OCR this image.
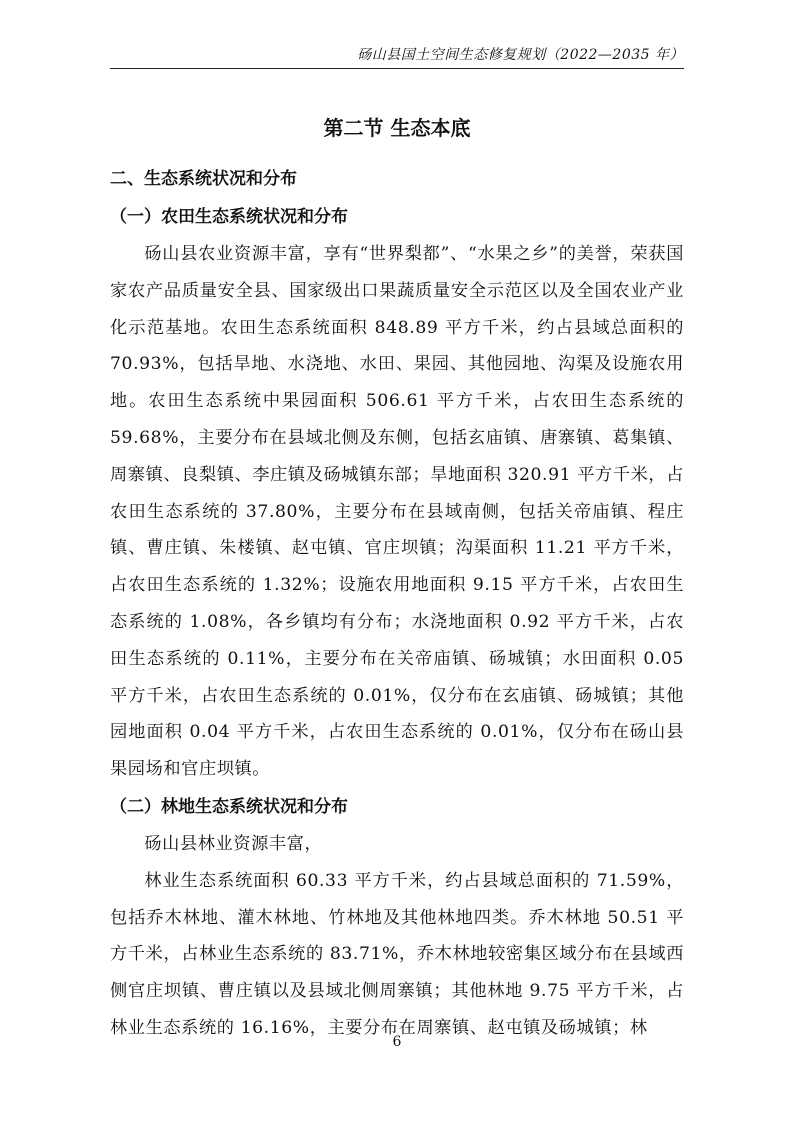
砀山县国土空间生态修复规划（2022—2035 年）
第二节 生态本底
二、生态系统状况和分布
（一）农田生态系统状况和分布
砀山县农业资源丰富，享有“世界梨都”、“水果之乡”的美誉，荣获国家农产品质量安全县、国家级出口果蔬质量安全示范区以及全国农业产业化示范基地。农田生态系统面积 848.89 平方千米，约占县域总面积的 70.93%，包括旱地、水浇地、水田、果园、其他园地、沟渠及设施农用地。农田生态系统中果园面积 506.61 平方千米，占农田生态系统的 59.68%，主要分布在县域北侧及东侧，包括玄庙镇、唐寨镇、葛集镇、周寨镇、良梨镇、李庄镇及砀城镇东部；旱地面积 320.91 平方千米，占农田生态系统的 37.80%，主要分布在县域南侧，包括关帝庙镇、程庄镇、曹庄镇、朱楼镇、赵屯镇、官庄坝镇；沟渠面积 11.21 平方千米，占农田生态系统的 1.32%；设施农用地面积 9.15 平方千米，占农田生态系统的 1.08%，各乡镇均有分布；水浇地面积 0.92 平方千米，占农田生态系统的 0.11%，主要分布在关帝庙镇、砀城镇；水田面积 0.05 平方千米，占农田生态系统的 0.01%，仅分布在玄庙镇、砀城镇；其他园地面积 0.04 平方千米，占农田生态系统的 0.01%，仅分布在砀山县果园场和官庄坝镇。
（二）林地生态系统状况和分布
砀山县林业资源丰富，
林业生态系统面积 60.33 平方千米，约占县域总面积的 71.59%，包括乔木林地、灌木林地、竹林地及其他林地四类。乔木林地 50.51 平方千米，占林业生态系统的 83.71%，乔木林地较密集区域分布在县域西侧官庄坝镇、曹庄镇以及县域北侧周寨镇；其他林地 9.75 平方千米，占林业生态系统的 16.16%，主要分布在周寨镇、赵屯镇及砀城镇；林
6
